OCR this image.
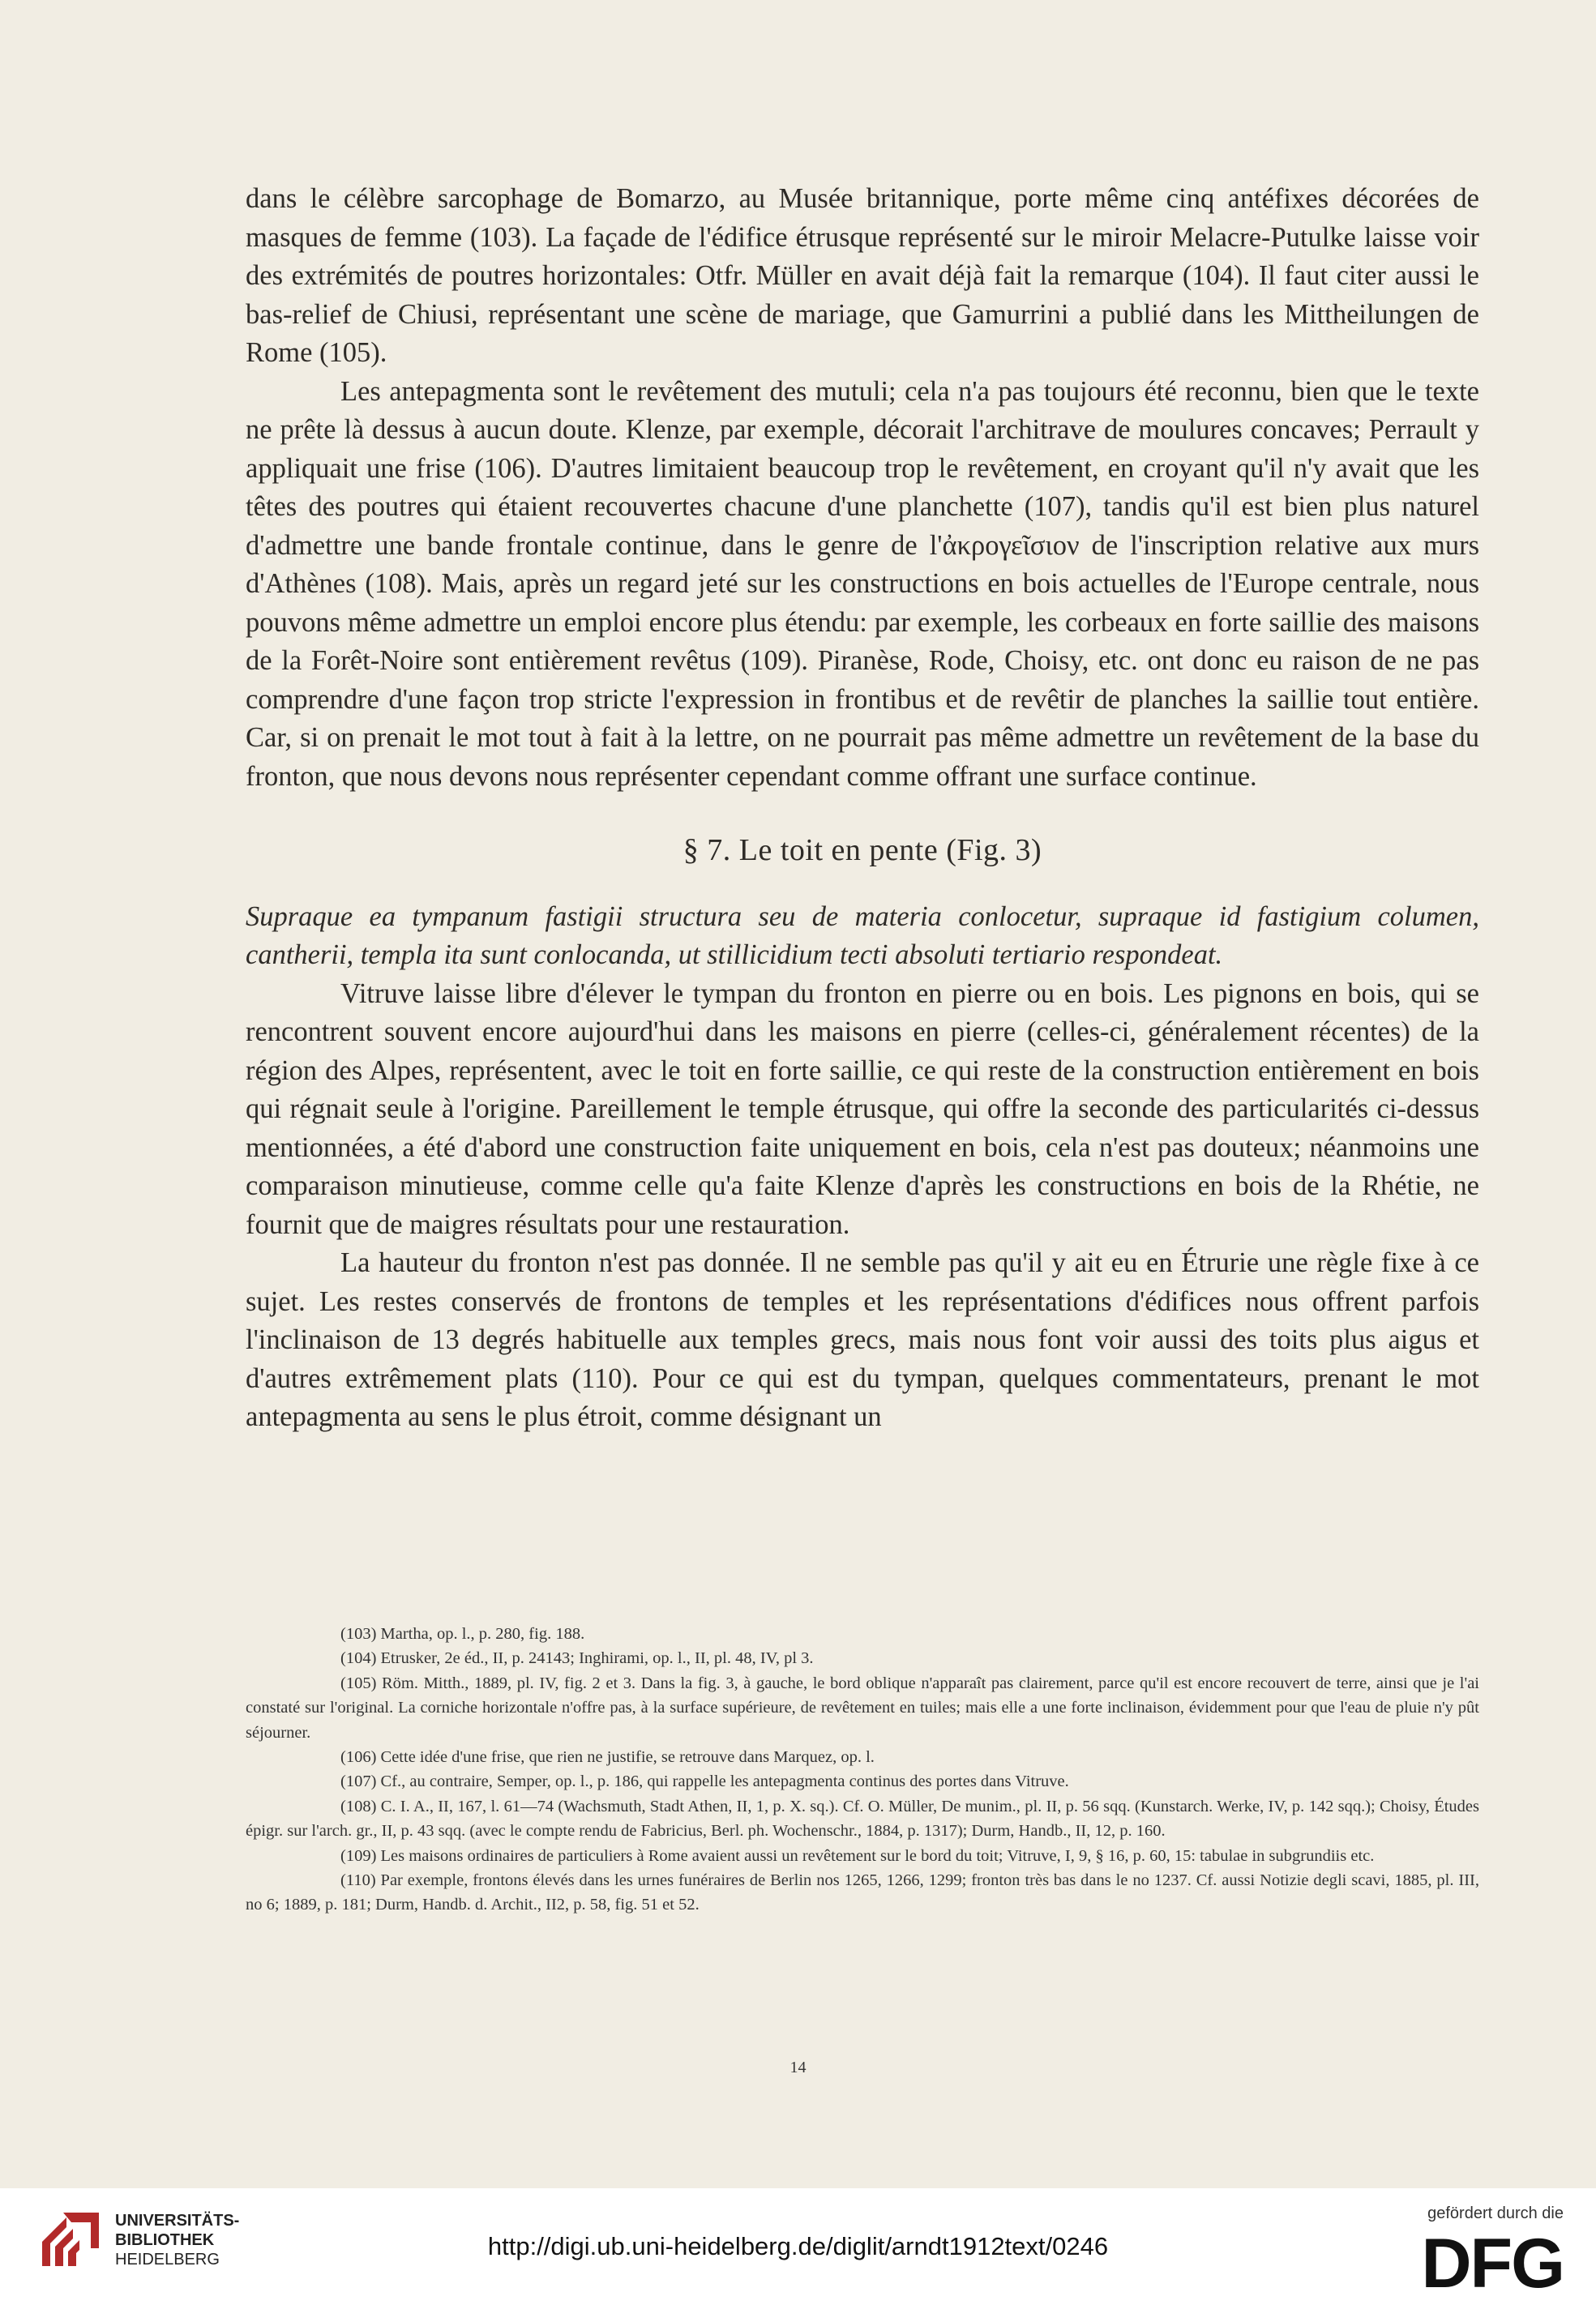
dans le célèbre sarcophage de Bomarzo, au Musée britannique, porte même cinq antéfixes décorées de masques de femme (103). La façade de l'édifice étrusque représenté sur le miroir Melacre-Putulke laisse voir des extrémités de poutres horizontales: Otfr. Müller en avait déjà fait la remarque (104). Il faut citer aussi le bas-relief de Chiusi, représentant une scène de mariage, que Gamurrini a publié dans les Mittheilungen de Rome (105).

Les antepagmenta sont le revêtement des mutuli; cela n'a pas toujours été reconnu, bien que le texte ne prête là dessus à aucun doute. Klenze, par exemple, décorait l'architrave de moulures concaves; Perrault y appliquait une frise (106). D'autres limitaient beaucoup trop le revêtement, en croyant qu'il n'y avait que les têtes des poutres qui étaient recouvertes chacune d'une planchette (107), tandis qu'il est bien plus naturel d'admettre une bande frontale continue, dans le genre de l'ἀκρογεῖσιον de l'inscription relative aux murs d'Athènes (108). Mais, après un regard jeté sur les constructions en bois actuelles de l'Europe centrale, nous pouvons même admettre un emploi encore plus étendu: par exemple, les corbeaux en forte saillie des maisons de la Forêt-Noire sont entièrement revêtus (109). Piranèse, Rode, Choisy, etc. ont donc eu raison de ne pas comprendre d'une façon trop stricte l'expression in frontibus et de revêtir de planches la saillie tout entière. Car, si on prenait le mot tout à fait à la lettre, on ne pourrait pas même admettre un revêtement de la base du fronton, que nous devons nous représenter cependant comme offrant une surface continue.

§ 7. Le toit en pente (Fig. 3)

Supraque ea tympanum fastigii structura seu de materia conlocetur, supraque id fastigium columen, cantherii, templa ita sunt conlocanda, ut stillicidium tecti absoluti tertiario respondeat.

Vitruve laisse libre d'élever le tympan du fronton en pierre ou en bois. Les pignons en bois, qui se rencontrent souvent encore aujourd'hui dans les maisons en pierre (celles-ci, généralement récentes) de la région des Alpes, représentent, avec le toit en forte saillie, ce qui reste de la construction entièrement en bois qui régnait seule à l'origine. Pareillement le temple étrusque, qui offre la seconde des particularités ci-dessus mentionnées, a été d'abord une construction faite uniquement en bois, cela n'est pas douteux; néanmoins une comparaison minutieuse, comme celle qu'a faite Klenze d'après les constructions en bois de la Rhétie, ne fournit que de maigres résultats pour une restauration.

La hauteur du fronton n'est pas donnée. Il ne semble pas qu'il y ait eu en Étrurie une règle fixe à ce sujet. Les restes conservés de frontons de temples et les représentations d'édifices nous offrent parfois l'inclinaison de 13 degrés habituelle aux temples grecs, mais nous font voir aussi des toits plus aigus et d'autres extrêmement plats (110). Pour ce qui est du tympan, quelques commentateurs, prenant le mot antepagmenta au sens le plus étroit, comme désignant un

(103) Martha, op. l., p. 280, fig. 188.

(104) Etrusker, 2e éd., II, p. 24143; Inghirami, op. l., II, pl. 48, IV, pl 3.

(105) Röm. Mitth., 1889, pl. IV, fig. 2 et 3. Dans la fig. 3, à gauche, le bord oblique n'apparaît pas clairement, parce qu'il est encore recouvert de terre, ainsi que je l'ai constaté sur l'original. La corniche horizontale n'offre pas, à la surface supérieure, de revêtement en tuiles; mais elle a une forte inclinaison, évidemment pour que l'eau de pluie n'y pût séjourner.

(106) Cette idée d'une frise, que rien ne justifie, se retrouve dans Marquez, op. l.

(107) Cf., au contraire, Semper, op. l., p. 186, qui rappelle les antepagmenta continus des portes dans Vitruve.

(108) C. I. A., II, 167, l. 61—74 (Wachsmuth, Stadt Athen, II, 1, p. X. sq.). Cf. O. Müller, De munim., pl. II, p. 56 sqq. (Kunstarch. Werke, IV, p. 142 sqq.); Choisy, Études épigr. sur l'arch. gr., II, p. 43 sqq. (avec le compte rendu de Fabricius, Berl. ph. Wochenschr., 1884, p. 1317); Durm, Handb., II, 12, p. 160.

(109) Les maisons ordinaires de particuliers à Rome avaient aussi un revêtement sur le bord du toit; Vitruve, I, 9, § 16, p. 60, 15: tabulae in subgrundiis etc.

(110) Par exemple, frontons élevés dans les urnes funéraires de Berlin nos 1265, 1266, 1299; fronton très bas dans le no 1237. Cf. aussi Notizie degli scavi, 1885, pl. III, no 6; 1889, p. 181; Durm, Handb. d. Archit., II2, p. 58, fig. 51 et 52.

14
UNIVERSITÄTS-
BIBLIOTHEK
HEIDELBERG	http://digi.ub.uni-heidelberg.de/diglit/arndt1912text/0246
gefördert durch die
DFG
